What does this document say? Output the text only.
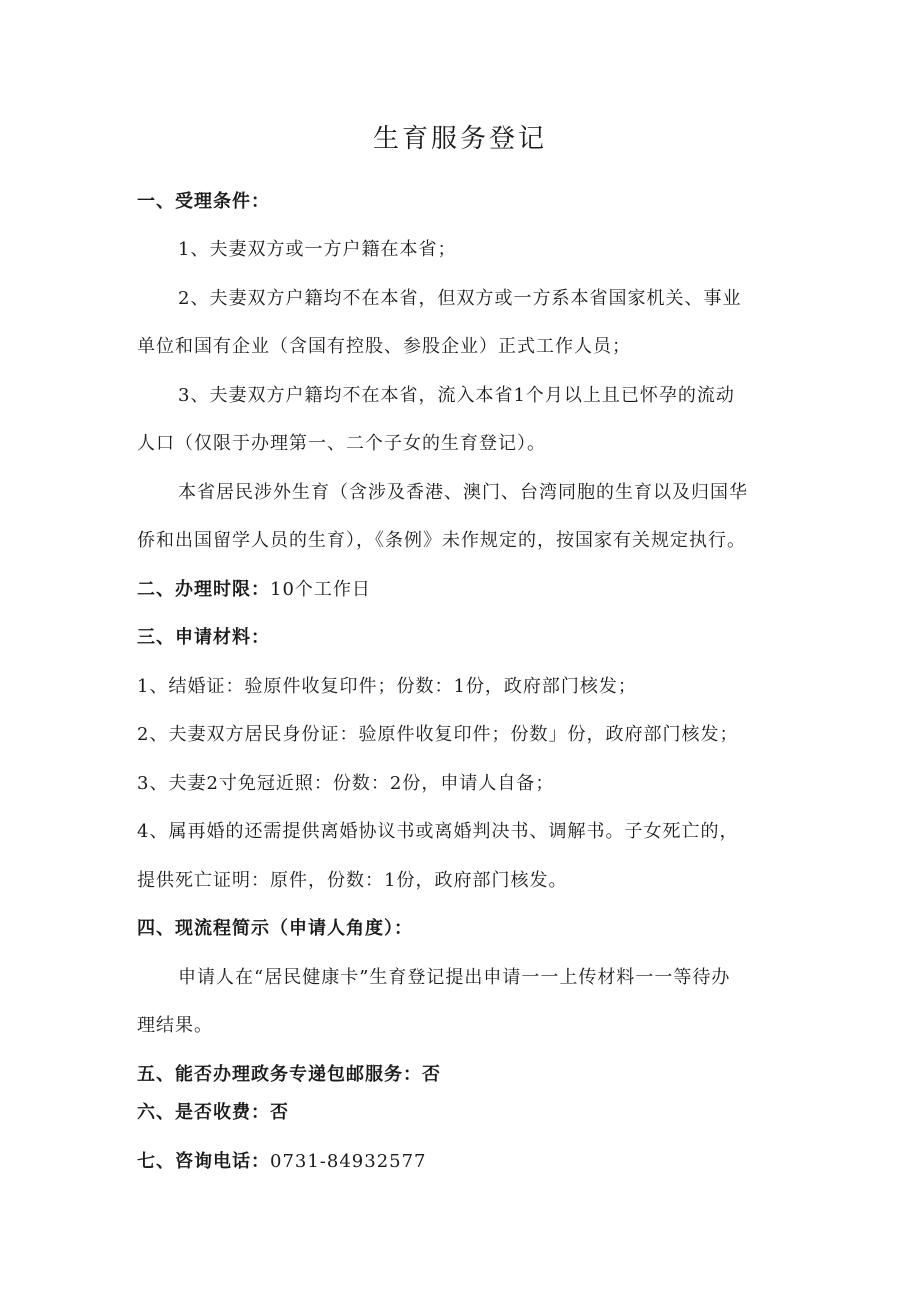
生育服务登记
一、受理条件：
1、夫妻双方或一方户籍在本省；
2、夫妻双方户籍均不在本省，但双方或一方系本省国家机关、事业
单位和国有企业（含国有控股、参股企业）正式工作人员；
3、夫妻双方户籍均不在本省，流入本省1个月以上且已怀孕的流动
人口（仅限于办理第一、二个子女的生育登记）。
本省居民涉外生育（含涉及香港、澳门、台湾同胞的生育以及归国华
侨和出国留学人员的生育），《条例》未作规定的，按国家有关规定执行。
二、办理时限：10个工作日
三、申请材料：
1、结婚证：验原件收复印件；份数：1份，政府部门核发；
2、夫妻双方居民身份证：验原件收复印件；份数」份，政府部门核发；
3、夫妻2寸免冠近照：份数：2份，申请人自备；
4、属再婚的还需提供离婚协议书或离婚判决书、调解书。子女死亡的，
提供死亡证明：原件，份数：1份，政府部门核发。
四、现流程简示（申请人角度）：
申请人在“居民健康卡”生育登记提出申请一一上传材料一一等待办
理结果。
五、能否办理政务专递包邮服务：否
六、是否收费：否
七、咨询电话：0731-84932577
